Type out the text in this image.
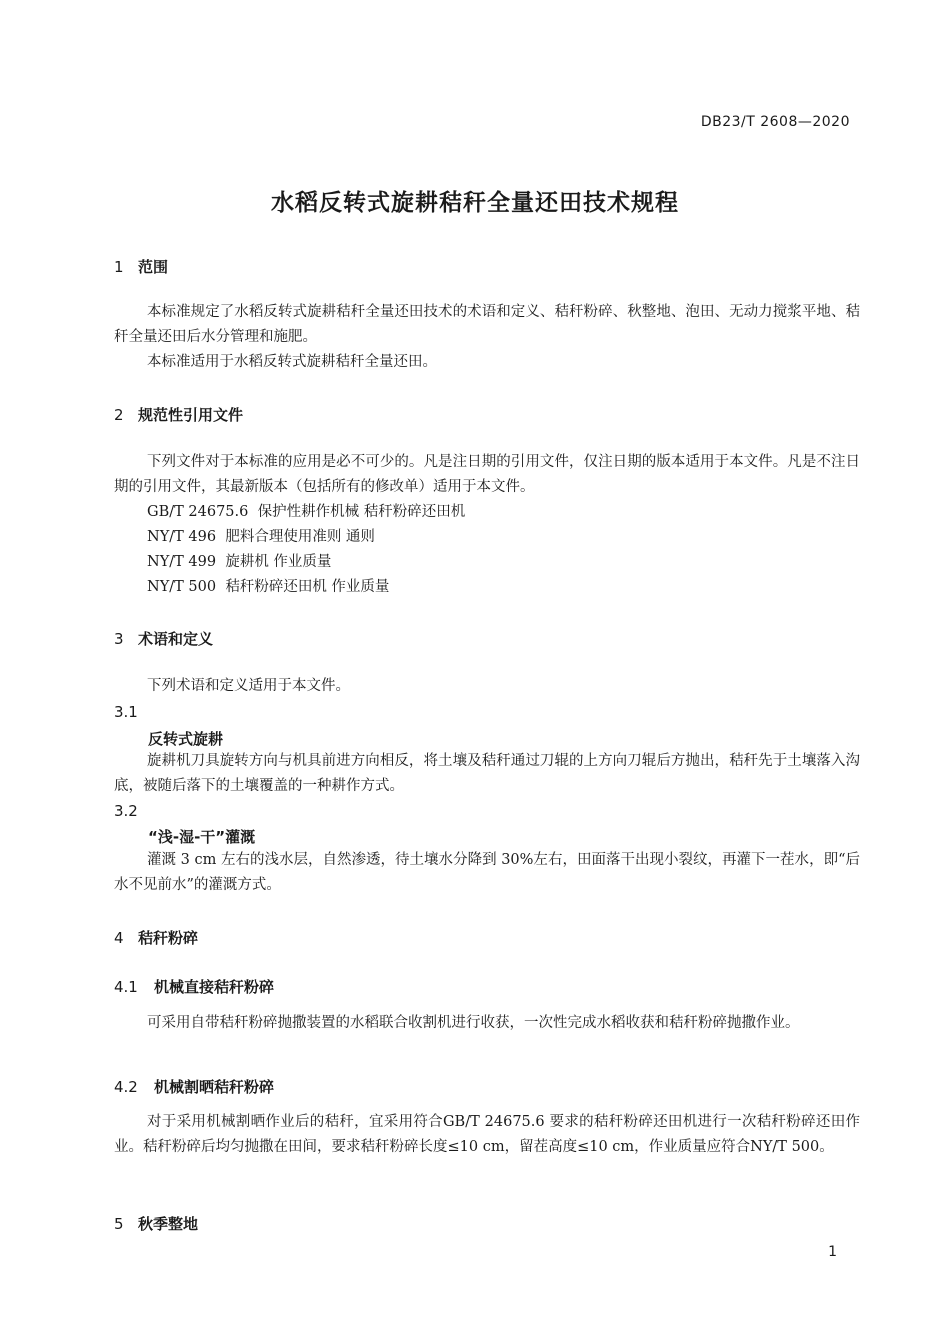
DB23/T 2608—2020
水稻反转式旋耕秸秆全量还田技术规程
1 范围
本标准规定了水稻反转式旋耕秸秆全量还田技术的术语和定义、秸秆粉碎、秋整地、泡田、无动力搅浆平地、秸秆全量还田后水分管理和施肥。
本标准适用于水稻反转式旋耕秸秆全量还田。
2 规范性引用文件
下列文件对于本标准的应用是必不可少的。凡是注日期的引用文件，仅注日期的版本适用于本文件。凡是不注日期的引用文件，其最新版本（包括所有的修改单）适用于本文件。
GB/T 24675.6  保护性耕作机械 秸秆粉碎还田机
NY/T 496  肥料合理使用准则 通则
NY/T 499  旋耕机 作业质量
NY/T 500  秸秆粉碎还田机 作业质量
3 术语和定义
下列术语和定义适用于本文件。
3.1
反转式旋耕
旋耕机刀具旋转方向与机具前进方向相反，将土壤及秸秆通过刀辊的上方向刀辊后方抛出，秸秆先于土壤落入沟底，被随后落下的土壤覆盖的一种耕作方式。
3.2
“浅-湿-干”灌溉
灌溉 3 cm 左右的浅水层，自然渗透，待土壤水分降到 30%左右，田面落干出现小裂纹，再灌下一茬水，即“后水不见前水”的灌溉方式。
4 秸秆粉碎
4.1 机械直接秸秆粉碎
可采用自带秸秆粉碎抛撒装置的水稻联合收割机进行收获，一次性完成水稻收获和秸秆粉碎抛撒作业。
4.2 机械割晒秸秆粉碎
对于采用机械割晒作业后的秸秆，宜采用符合GB/T 24675.6 要求的秸秆粉碎还田机进行一次秸秆粉碎还田作业。秸秆粉碎后均匀抛撒在田间，要求秸秆粉碎长度≤10 cm，留茬高度≤10 cm，作业质量应符合NY/T 500。
5 秋季整地
1
